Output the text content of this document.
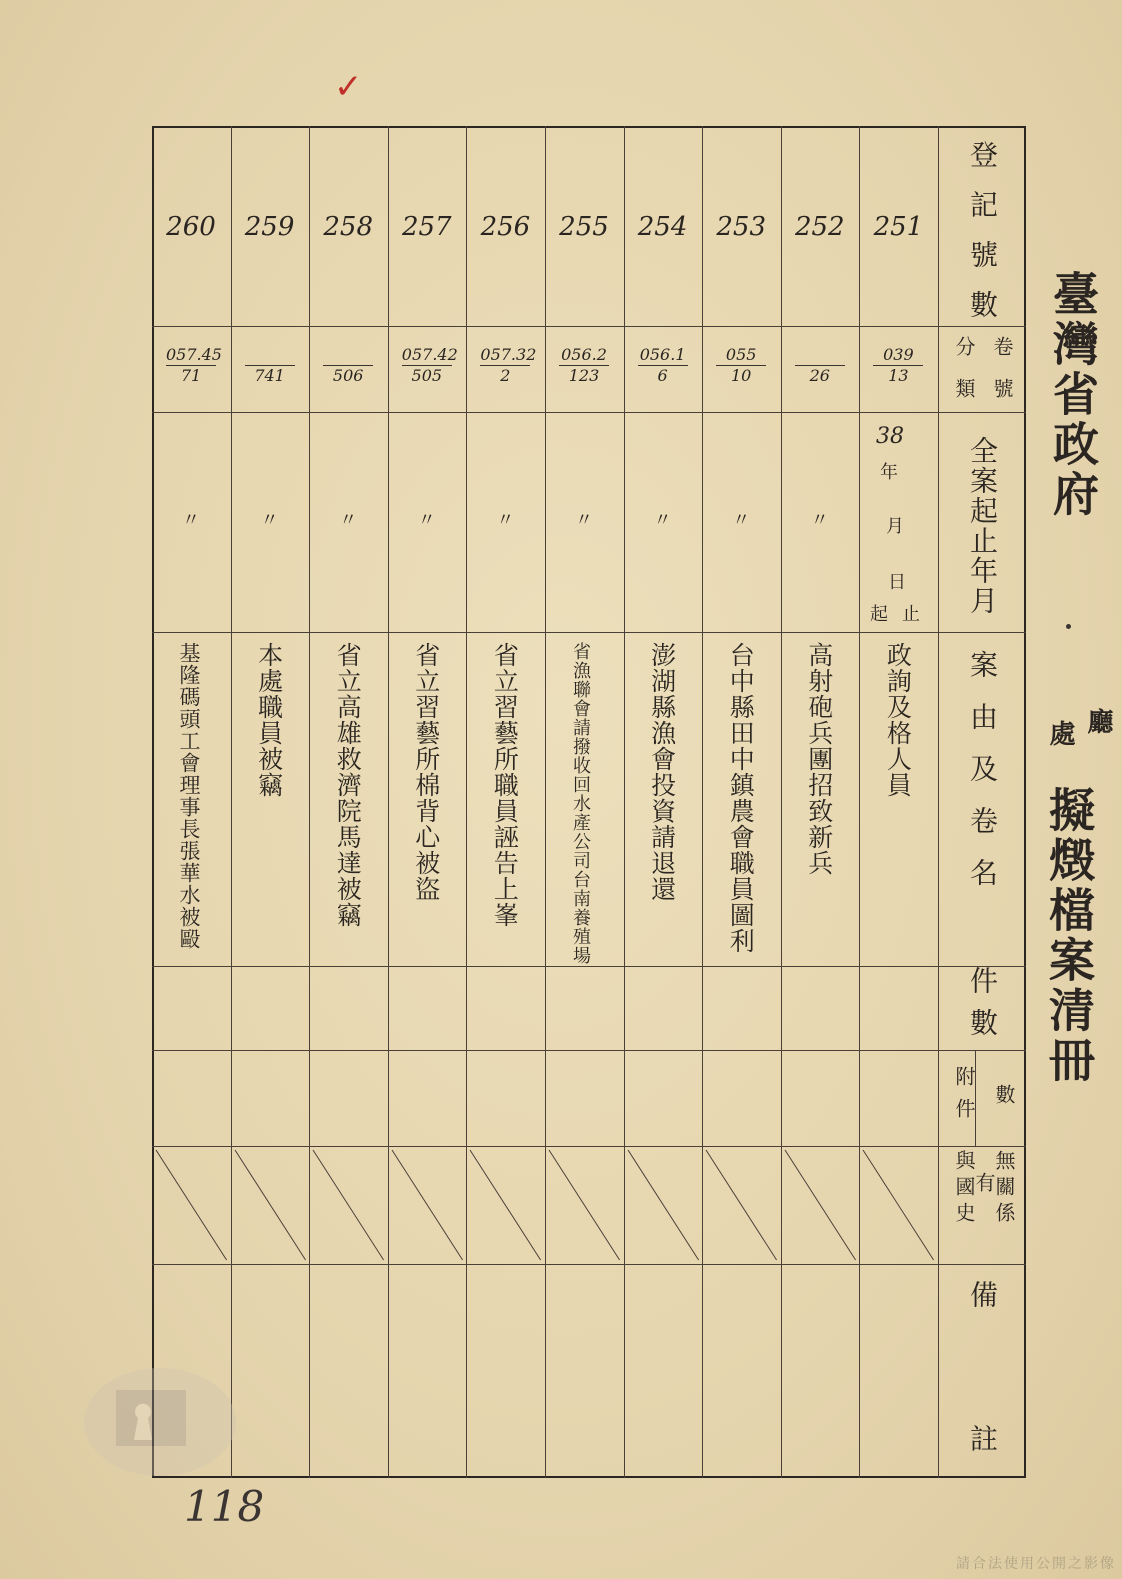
✓
臺灣省政府
廳
處
擬燬檔案清冊
登記號數
卷
號
分
類
全案起止年月
案由及卷名
件數
數
附件
無關係
有
與國史
備
註
38
年
月
日
起 止
251
039
13
政詢及格人員
252

26
〃
高射砲兵團招致新兵
253
055
10
〃
台中縣田中鎮農會職員圖利
254
056.1
6
〃
澎湖縣漁會投資請退還
255
056.2
123
〃
省漁聯會請撥收回水產公司台南養殖場
256
057.32
2
〃
省立習藝所職員誣告上峯
257
057.42
505
〃
省立習藝所棉背心被盜
258

506
〃
省立高雄救濟院馬達被竊
259

741
〃
本處職員被竊
260
057.45
71
〃
基隆碼頭工會理事長張華水被毆
118
請合法使用公開之影像
